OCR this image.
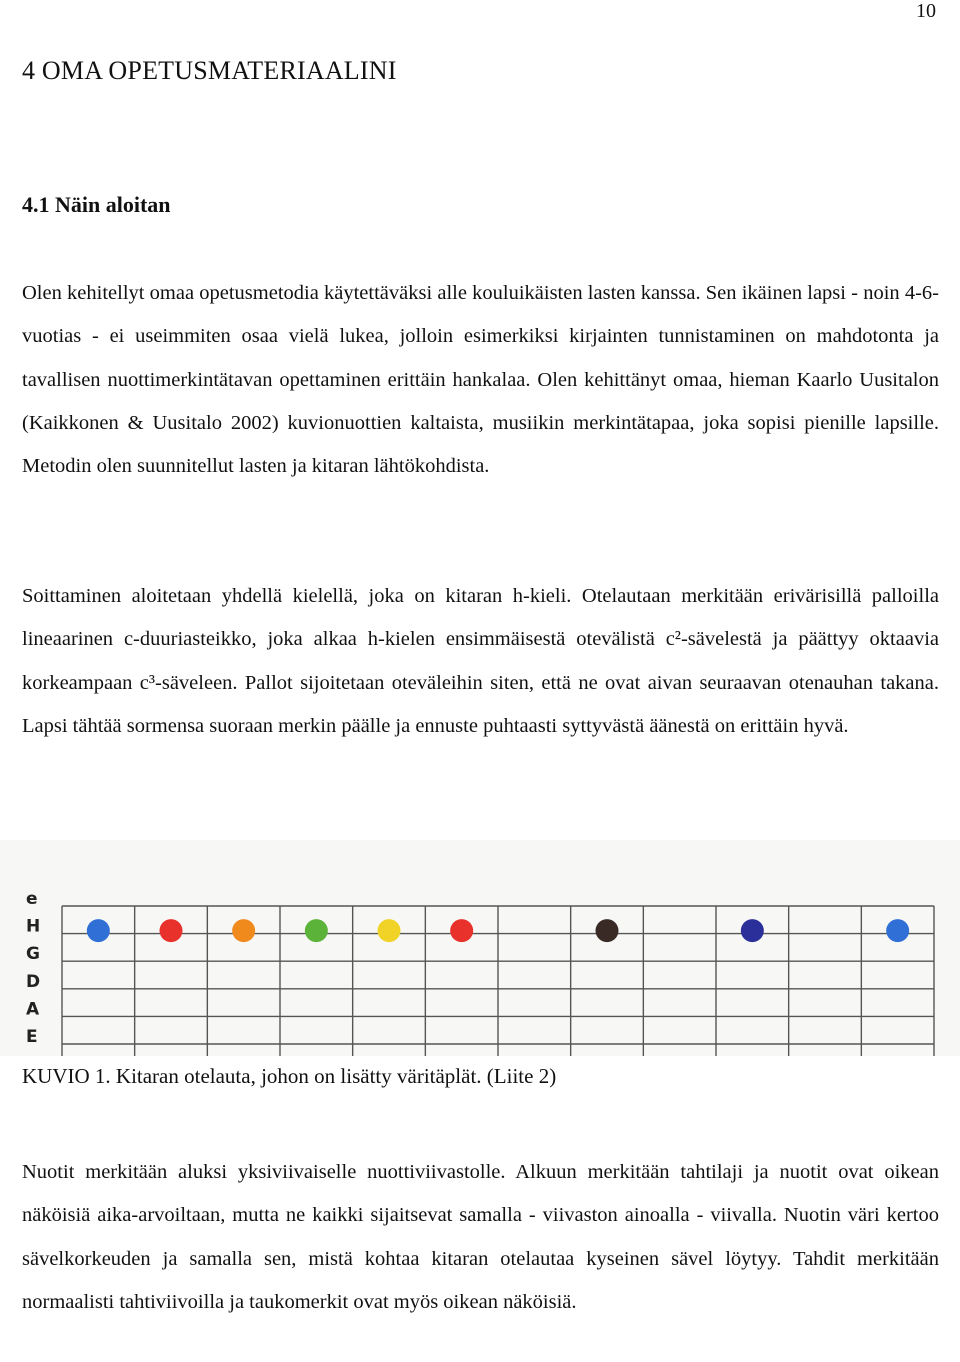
10
4 OMA OPETUSMATERIAALINI
4.1 Näin aloitan

Olen kehitellyt omaa opetusmetodia käytettäväksi alle kouluikäisten lasten kanssa. Sen ikäinen lapsi - noin 4-6-vuotias - ei useimmiten osaa vielä lukea, jolloin esimerkiksi kirjainten tunnistaminen on mahdotonta ja tavallisen nuottimerkintätavan opettaminen erittäin hankalaa. Olen kehittänyt omaa, hieman Kaarlo Uusitalon (Kaikkonen & Uusitalo 2002) kuvionuottien kaltaista, musiikin merkintätapaa, joka sopisi pienille lapsille. Metodin olen suunnitellut lasten ja kitaran lähtökohdista.

Soittaminen aloitetaan yhdellä kielellä, joka on kitaran h-kieli. Otelautaan merkitään erivärisillä palloilla lineaarinen c-duuriasteikko, joka alkaa h-kielen ensimmäisestä otevälistä c²-sävelestä ja päättyy oktaavia korkeampaan c³-säveleen. Pallot sijoitetaan oteväleihin siten, että ne ovat aivan seuraavan otenauhan takana. Lapsi tähtää sormensa suoraan merkin päälle ja ennuste puhtaasti syttyvästä äänestä on erittäin hyvä.

e
H
G
D
A
E

KUVIO 1. Kitaran otelauta, johon on lisätty väritäplät. (Liite 2)

Nuotit merkitään aluksi yksiviivaiselle nuottiviivastolle. Alkuun merkitään tahtilaji ja nuotit ovat oikean näköisiä aika-arvoiltaan, mutta ne kaikki sijaitsevat samalla - viivaston ainoalla - viivalla. Nuotin väri kertoo sävelkorkeuden ja samalla sen, mistä kohtaa kitaran otelautaa kyseinen sävel löytyy. Tahdit merkitään normaalisti tahtiviivoilla ja taukomerkit ovat myös oikean näköisiä.
